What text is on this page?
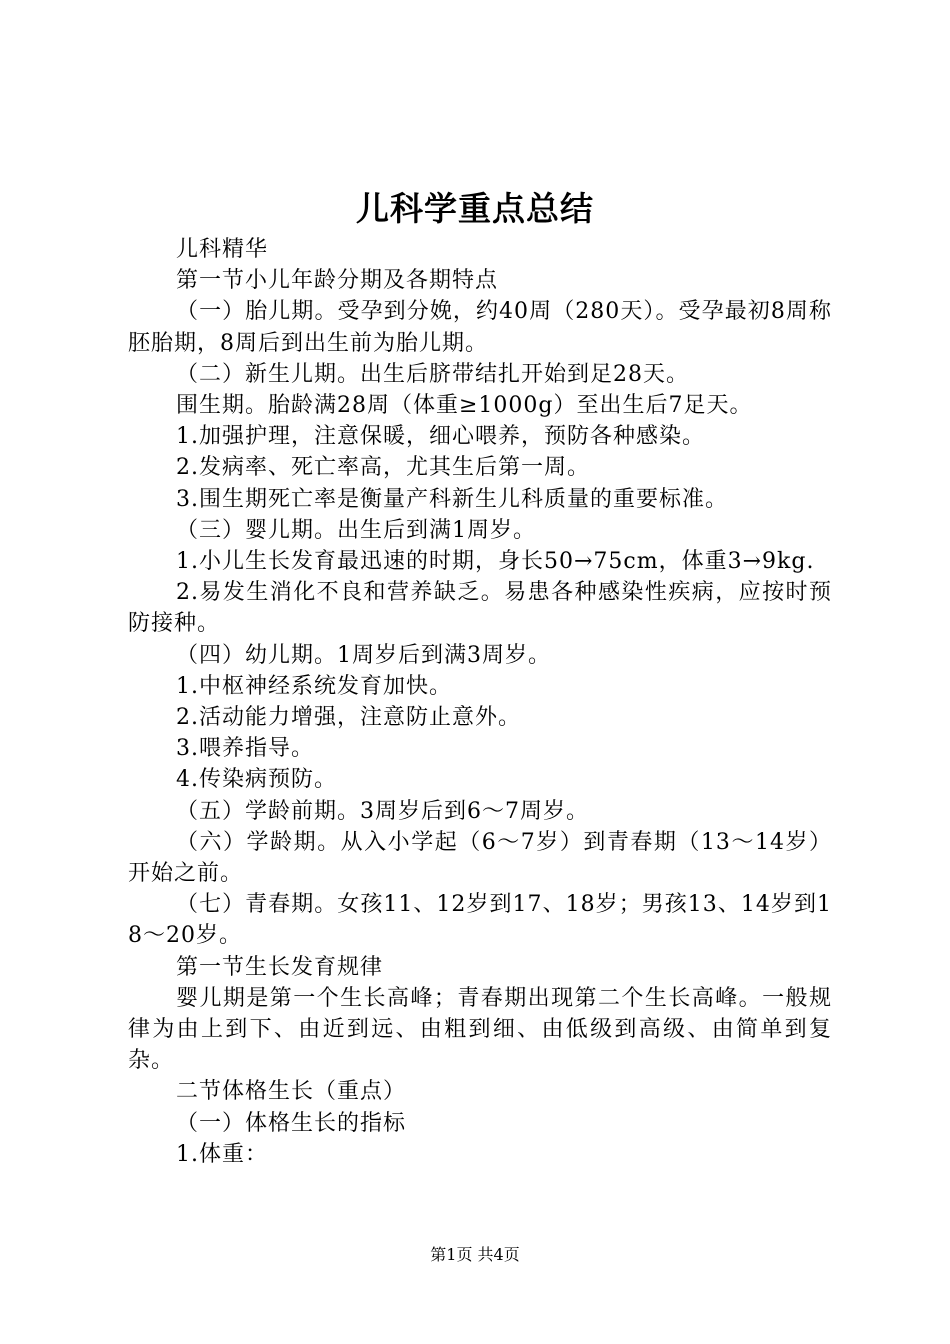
儿科学重点总结

儿科精华

第一节小儿年龄分期及各期特点

（一）胎儿期。受孕到分娩，约40周（280天）。受孕最初8周称胚胎期，8周后到出生前为胎儿期。

（二）新生儿期。出生后脐带结扎开始到足28天。

围生期。胎龄满28周（体重≥1000g）至出生后7足天。

1.加强护理，注意保暖，细心喂养，预防各种感染。

2.发病率、死亡率高，尤其生后第一周。

3.围生期死亡率是衡量产科新生儿科质量的重要标准。

（三）婴儿期。出生后到满1周岁。

1.小儿生长发育最迅速的时期，身长50→75cm，体重3→9kg.

2.易发生消化不良和营养缺乏。易患各种感染性疾病，应按时预防接种。

（四）幼儿期。1周岁后到满3周岁。

1.中枢神经系统发育加快。

2.活动能力增强，注意防止意外。

3.喂养指导。

4.传染病预防。

（五）学龄前期。3周岁后到6～7周岁。

（六）学龄期。从入小学起（6～7岁）到青春期（13～14岁）开始之前。

（七）青春期。女孩11、12岁到17、18岁；男孩13、14岁到18～20岁。

第一节生长发育规律

婴儿期是第一个生长高峰；青春期出现第二个生长高峰。一般规律为由上到下、由近到远、由粗到细、由低级到高级、由简单到复杂。

二节体格生长（重点）

（一）体格生长的指标

1.体重：

第1页 共4页
